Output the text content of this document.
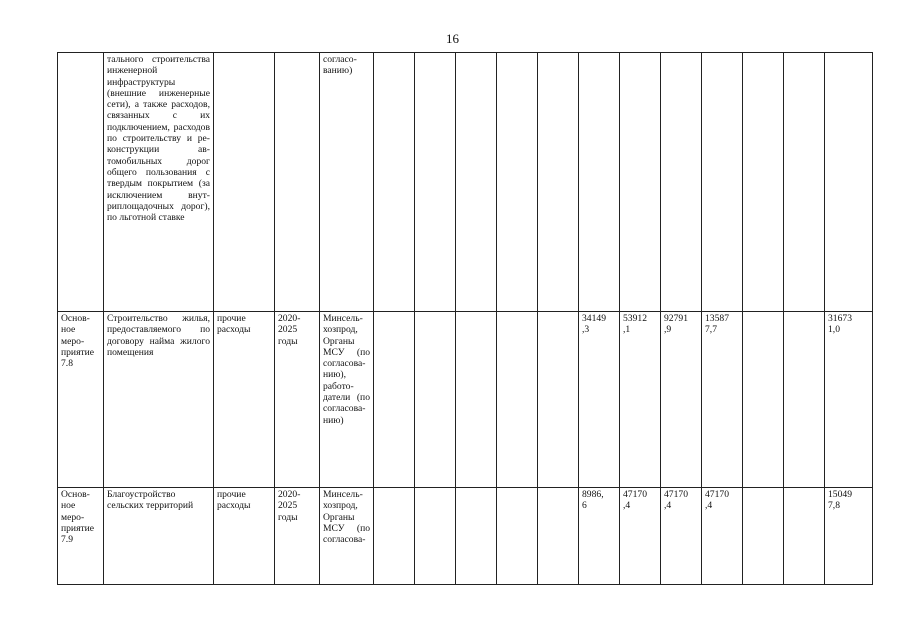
16
	тального строительства инженерной инфраструктуры (внешние инженерные сети), а также расходов, связанных с их подключением, расходов по строительству и реконструкции автомобильных дорог общего пользования с твердым покрытием (за исключением внутриплощадочных дорог), по льготной ставке			согласованию)												
Основное мероприятие 7.8	Строительство жилья, предоставляемого по договору найма жилого помещения	прочие расходы	2020-
2025
годы	Минсельхозпрод, Органы МСУ (по согласованию), работодатели (по согласованию)						34149
,3	53912
,1	92791
,9	13587
7,7			31673
1,0
Основное мероприятие 7.9	Благоустройство сельских территорий	прочие расходы	2020-
2025
годы	Минсельхозпрод, Органы МСУ (по согласова-						8986,
6	47170
,4	47170
,4	47170
,4			15049
7,8
